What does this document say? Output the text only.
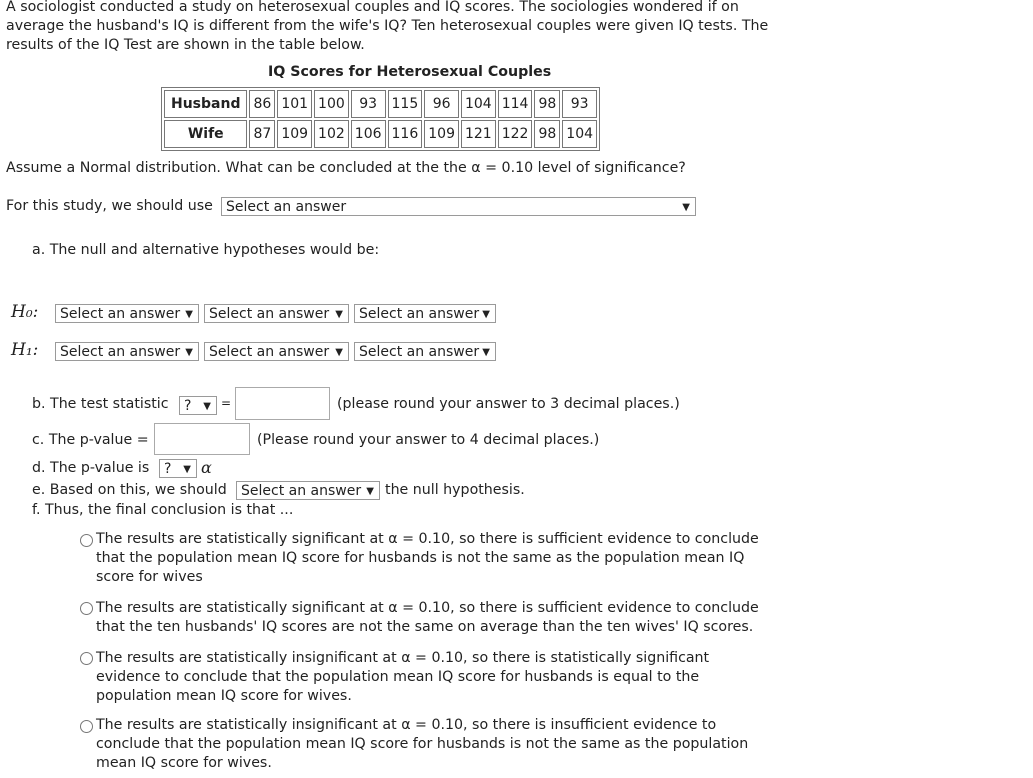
A sociologist conducted a study on heterosexual couples and IQ scores. The sociologies wondered if on average the husband's IQ is different from the wife's IQ? Ten heterosexual couples were given IQ tests. The results of the IQ Test are shown in the table below.
IQ Scores for Heterosexual Couples
Husband	86	101	100	93	115	96	104	114	98	93
Wife	87	109	102	106	116	109	121	122	98	104
Assume a Normal distribution. What can be concluded at the the α = 0.10 level of significance?
For this study, we should use Select an answer	▼
a. The null and alternative hypotheses would be:
H₀:	Select an answer ▼	Select an answer ▼	Select an answer ▼
H₁:	Select an answer ▼	Select an answer ▼	Select an answer ▼
b. The test statistic	? ▼ =	(please round your answer to 3 decimal places.)
c. The p-value =	(Please round your answer to 4 decimal places.)
d. The p-value is	? ▼ α
e. Based on this, we should	Select an answer ▼ the null hypothesis.
f. Thus, the final conclusion is that ...
The results are statistically significant at α = 0.10, so there is sufficient evidence to conclude that the population mean IQ score for husbands is not the same as the population mean IQ score for wives
The results are statistically significant at α = 0.10, so there is sufficient evidence to conclude that the ten husbands' IQ scores are not the same on average than the ten wives' IQ scores.
The results are statistically insignificant at α = 0.10, so there is statistically significant evidence to conclude that the population mean IQ score for husbands is equal to the population mean IQ score for wives.
The results are statistically insignificant at α = 0.10, so there is insufficient evidence to conclude that the population mean IQ score for husbands is not the same as the population mean IQ score for wives.
